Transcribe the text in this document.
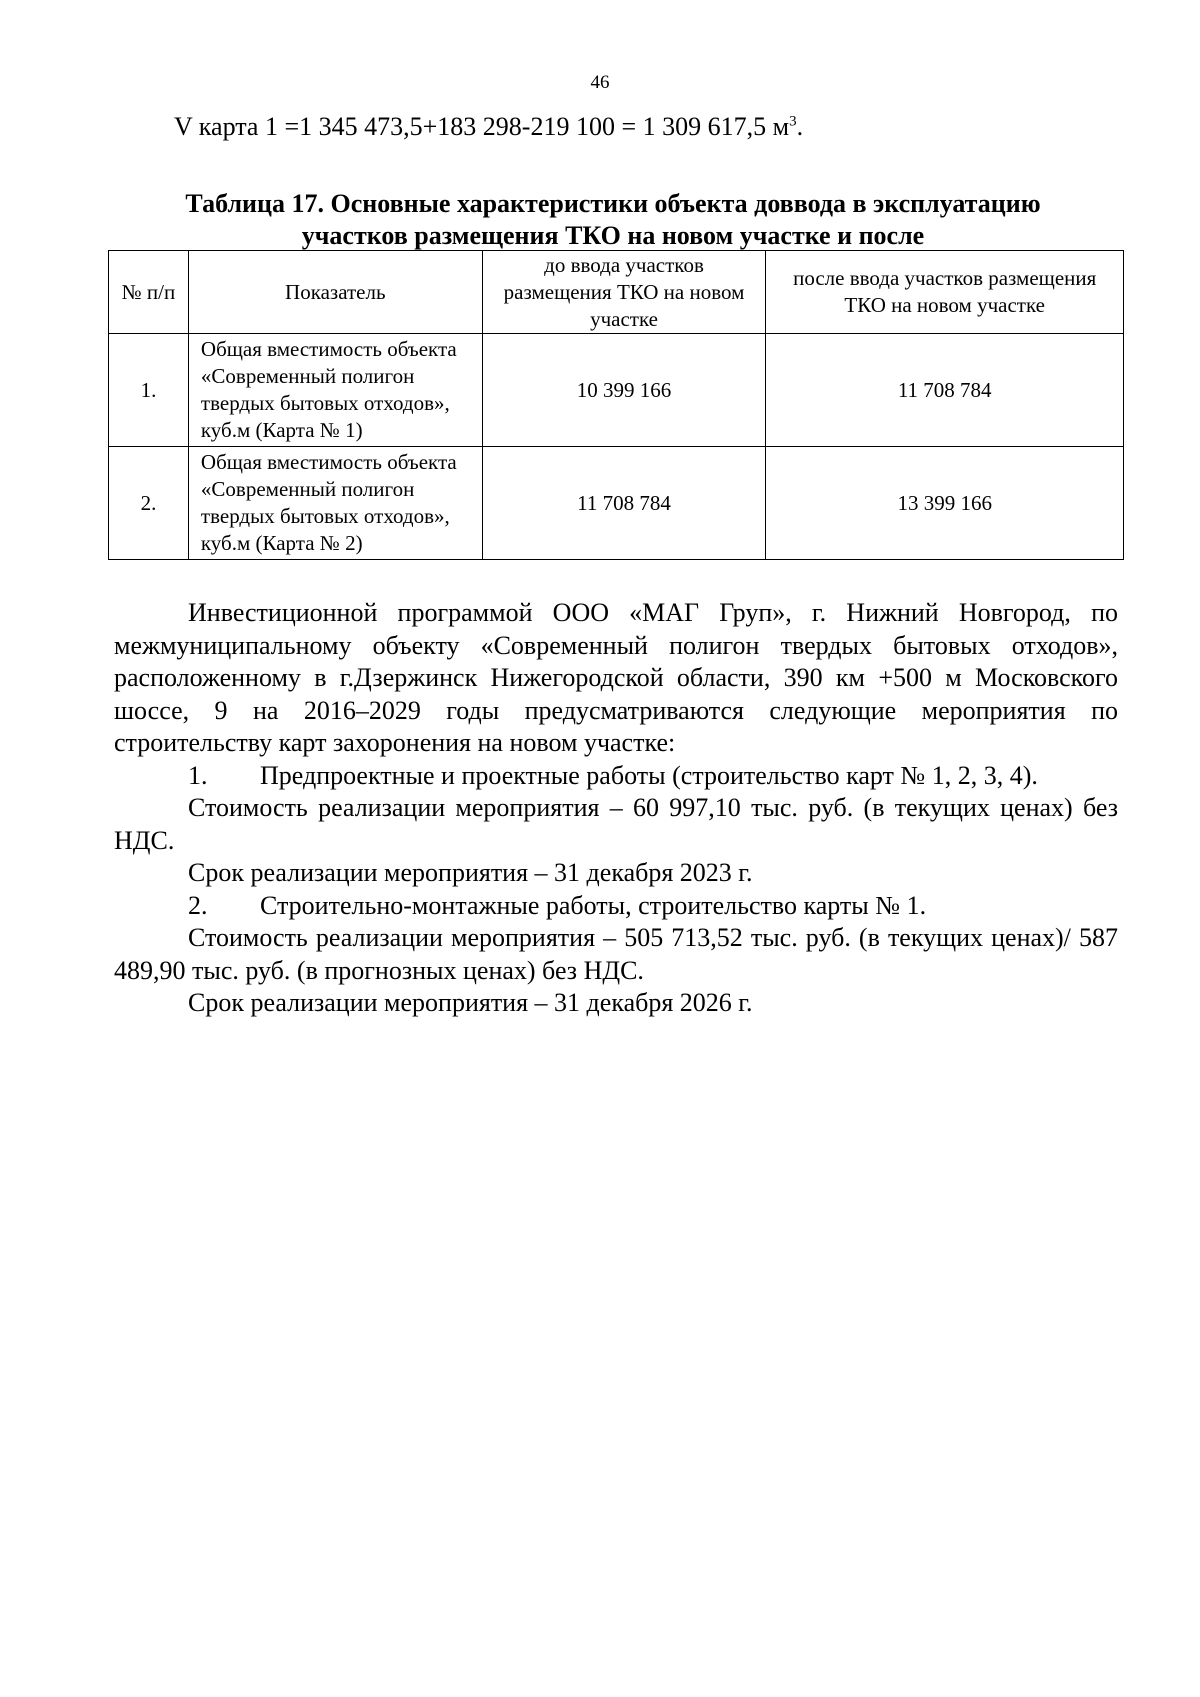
46
V карта 1 =1 345 473,5+183 298-219 100 = 1 309 617,5 $м^3$.
Таблица 17. Основные характеристики объекта доввода в эксплуатацию
участков размещения ТКО на новом участке и после
№ п/п	Показатель	до ввода участков размещения ТКО на новом участке	после ввода участков размещения ТКО на новом участке
1.	Общая вместимость объекта «Современный полигон твердых бытовых отходов», куб.м (Карта № 1)	10 399 166	11 708 784
2.	Общая вместимость объекта «Современный полигон твердых бытовых отходов», куб.м (Карта № 2)	11 708 784	13 399 166

Инвестиционной программой ООО «МАГ Груп», г. Нижний Новгород, по межмуниципальному объекту «Современный полигон твердых бытовых отходов», расположенному в г.Дзержинск Нижегородской области, 390 км +500 м Московского шоссе, 9 на 2016–2029 годы предусматриваются следующие мероприятия по строительству карт захоронения на новом участке:

1. Предпроектные и проектные работы (строительство карт № 1, 2, 3, 4).

Стоимость реализации мероприятия – 60 997,10 тыс. руб. (в текущих ценах) без НДС.

Срок реализации мероприятия – 31 декабря 2023 г.

2. Строительно-монтажные работы, строительство карты № 1.

Стоимость реализации мероприятия – 505 713,52 тыс. руб. (в текущих ценах)/ 587 489,90 тыс. руб. (в прогнозных ценах) без НДС.

Срок реализации мероприятия – 31 декабря 2026 г.
